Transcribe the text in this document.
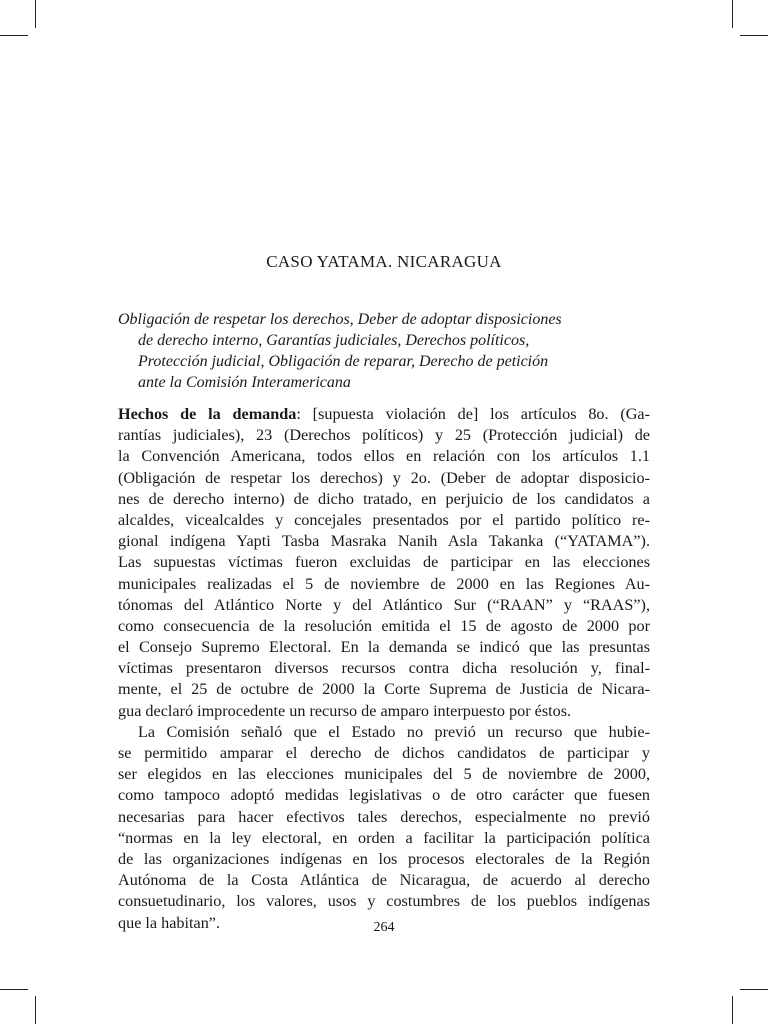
CASO YATAMA. NICARAGUA
Obligación de respetar los derechos, Deber de adoptar disposiciones
de derecho interno, Garantías judiciales, Derechos políticos,
Protección judicial, Obligación de reparar, Derecho de petición
ante la Comisión Interamericana
Hechos de la demanda: [supuesta violación de] los artículos 8o. (Ga-
rantías judiciales), 23 (Derechos políticos) y 25 (Protección judicial) de
la Convención Americana, todos ellos en relación con los artículos 1.1
(Obligación de respetar los derechos) y 2o. (Deber de adoptar disposicio-
nes de derecho interno) de dicho tratado, en perjuicio de los candidatos a
alcaldes, vicealcaldes y concejales presentados por el partido político re-
gional indígena Yapti Tasba Masraka Nanih Asla Takanka (“YATAMA”).
Las supuestas víctimas fueron excluidas de participar en las elecciones
municipales realizadas el 5 de noviembre de 2000 en las Regiones Au-
tónomas del Atlántico Norte y del Atlántico Sur (“RAAN” y “RAAS”),
como consecuencia de la resolución emitida el 15 de agosto de 2000 por
el Consejo Supremo Electoral. En la demanda se indicó que las presuntas
víctimas presentaron diversos recursos contra dicha resolución y, final-
mente, el 25 de octubre de 2000 la Corte Suprema de Justicia de Nicara-
gua declaró improcedente un recurso de amparo interpuesto por éstos.
La Comisión señaló que el Estado no previó un recurso que hubie-
se permitido amparar el derecho de dichos candidatos de participar y
ser elegidos en las elecciones municipales del 5 de noviembre de 2000,
como tampoco adoptó medidas legislativas o de otro carácter que fuesen
necesarias para hacer efectivos tales derechos, especialmente no previó
“normas en la ley electoral, en orden a facilitar la participación política
de las organizaciones indígenas en los procesos electorales de la Región
Autónoma de la Costa Atlántica de Nicaragua, de acuerdo al derecho
consuetudinario, los valores, usos y costumbres de los pueblos indígenas
que la habitan”.	264
